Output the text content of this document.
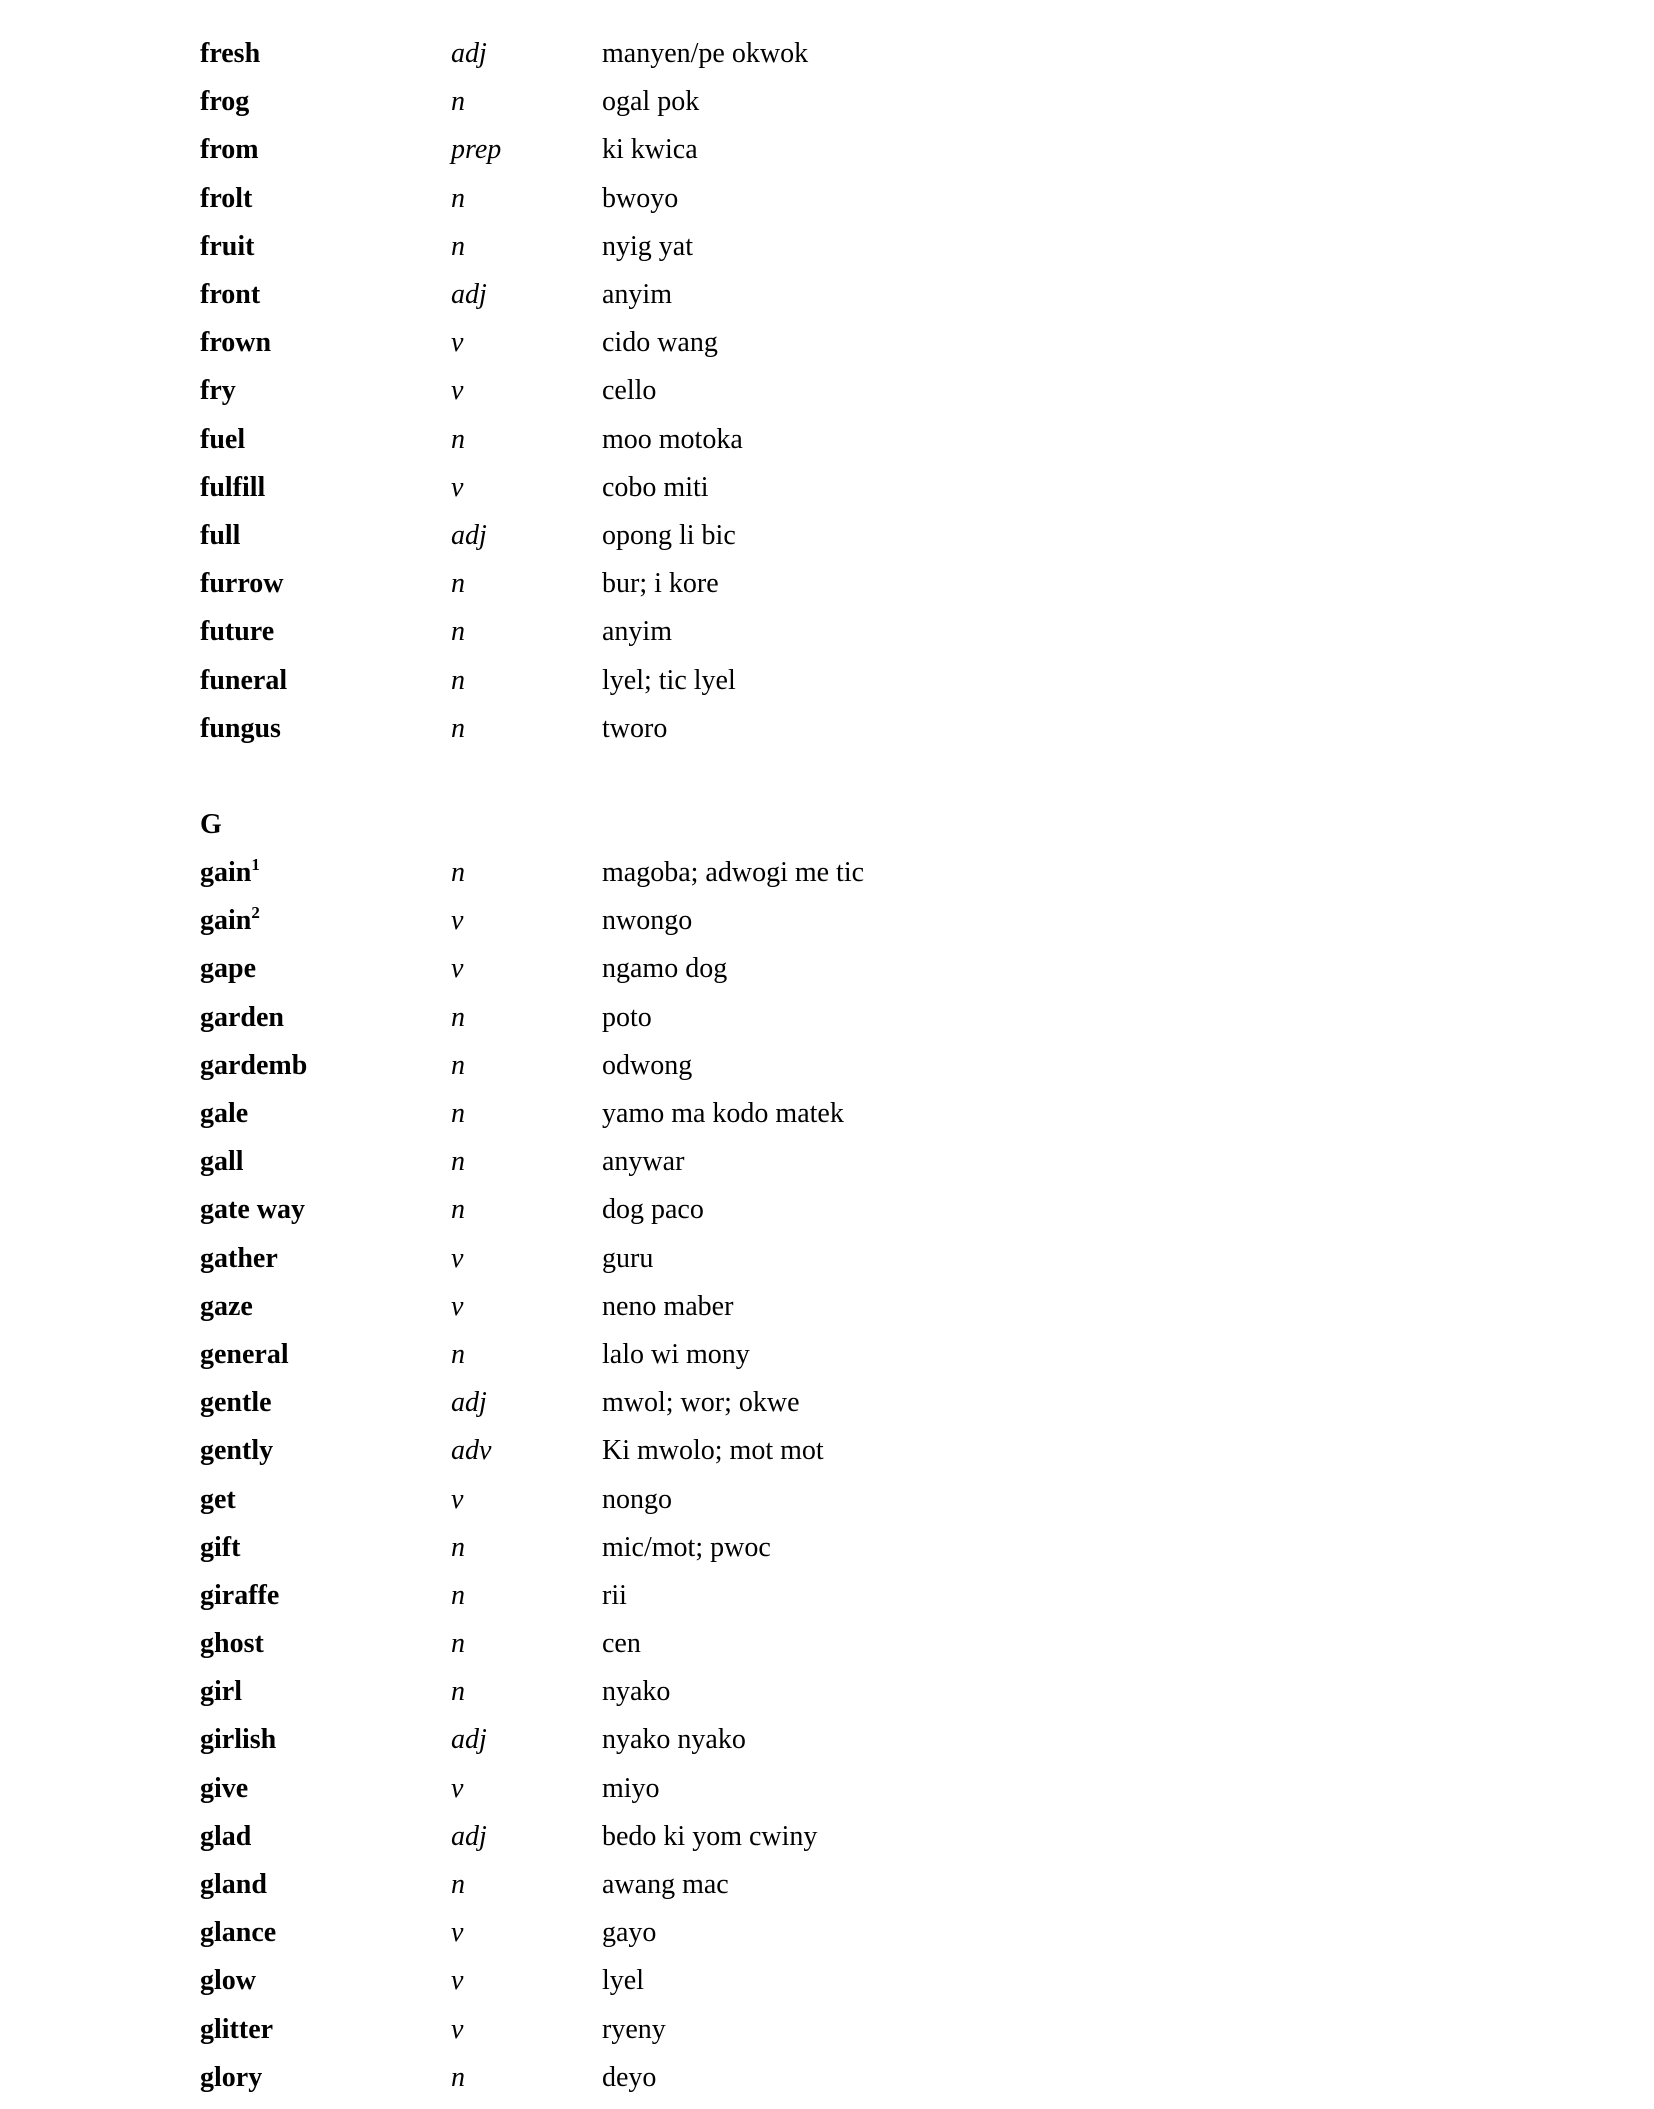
fresh	adj	manyen/pe okwok
frog	n	ogal pok
from	prep	ki kwica
frolt	n	bwoyo
fruit	n	nyig yat
front	adj	anyim
frown	v	cido wang
fry	v	cello
fuel	n	moo motoka
fulfill	v	cobo miti
full	adj	opong li bic
furrow	n	bur; i kore
future	n	anyim
funeral	n	lyel; tic lyel
fungus	n	tworo
G
gain$^1$	n	magoba; adwogi me tic
gain$^2$	v	nwongo
gape	v	ngamo dog
garden	n	poto
gardemb	n	odwong
gale	n	yamo ma kodo matek
gall	n	anywar
gate way	n	dog paco
gather	v	guru
gaze	v	neno maber
general	n	lalo wi mony
gentle	adj	mwol; wor; okwe
gently	adv	Ki mwolo; mot mot
get	v	nongo
gift	n	mic/mot; pwoc
giraffe	n	rii
ghost	n	cen
girl	n	nyako
girlish	adj	nyako nyako
give	v	miyo
glad	adj	bedo ki yom cwiny
gland	n	awang mac
glance	v	gayo
glow	v	lyel
glitter	v	ryeny
glory	n	deyo
